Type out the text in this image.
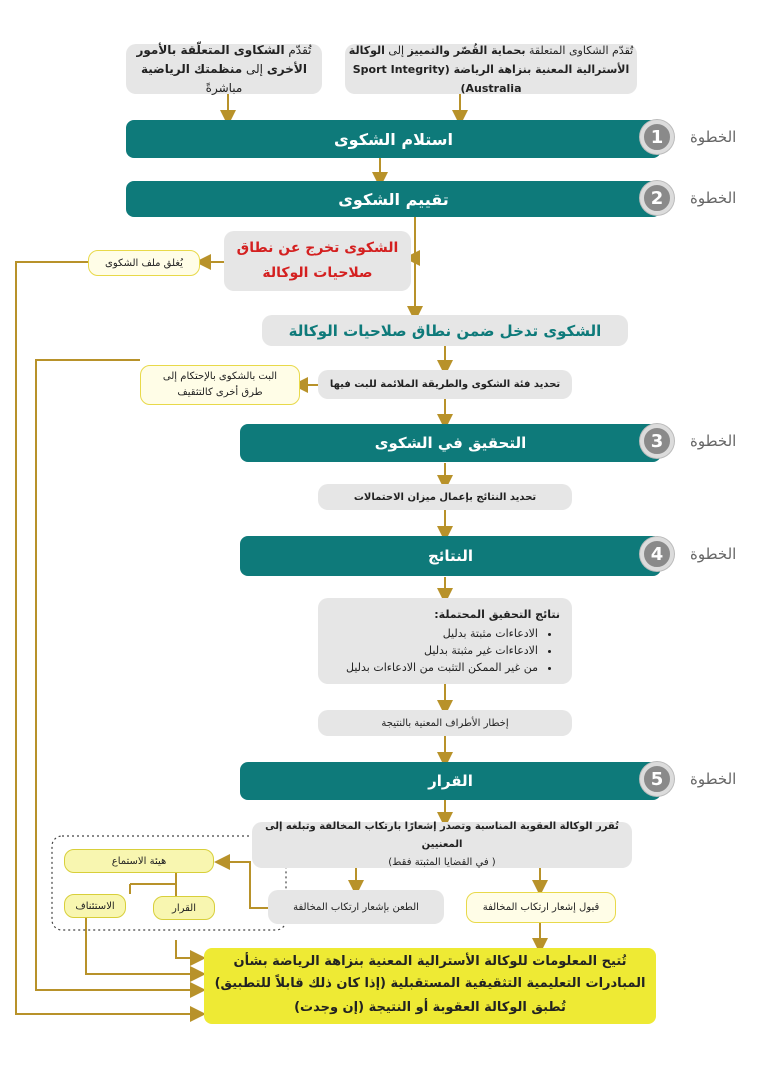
تُقدّم الشكاوى المتعلّقة بالأمور
الأخرى إلى منظمتك الرياضية مباشرةً
تُقدّم الشكاوى المتعلقة بحماية القُصّر والتمييز إلى الوكالة
الأسترالية المعنية بنزاهة الرياضة (Sport Integrity Australia)
استلام الشكوى	1	الخطوة
تقييم الشكوى	2	الخطوة
الشكوى تخرج عن نطاق
صلاحيات الوكالة
يُغلق ملف الشكوى
الشكوى تدخل ضمن نطاق صلاحيات الوكالة
تحديد فئة الشكوى والطريقة الملائمة للبت فيها
البت بالشكوى بالإحتكام إلى
طرق أخرى كالتثقيف
التحقيق في الشكوى	3	الخطوة
تحديد النتائج بإعمال ميزان الاحتمالات
النتائج	4	الخطوة
نتائج التحقيق المحتملة:
• الادعاءات مثبتة بدليل
• الادعاءات غير مثبتة بدليل
• من غير الممكن التثبت من الادعاءات بدليل
إخطار الأطراف المعنية بالنتيجة
القرار	5	الخطوة
تُقرر الوكالة العقوبة المناسبة وتصدر إشعارًا بارتكاب المخالفة وتبلغه إلى المعنيين
( في القضايا المثبتة فقط)
الطعن بإشعار ارتكاب المخالفة	قبول إشعار ارتكاب المخالفة
هيئة الاستماع
القرار
الاستئناف
تُتيح المعلومات للوكالة الأسترالية المعنية بنزاهة الرياضة بشأن
المبادرات التعليمية التثقيفية المستقبلية (إذا كان ذلك قابلاً للتطبيق)
تُطبق الوكالة العقوبة أو النتيجة (إن وجدت)
